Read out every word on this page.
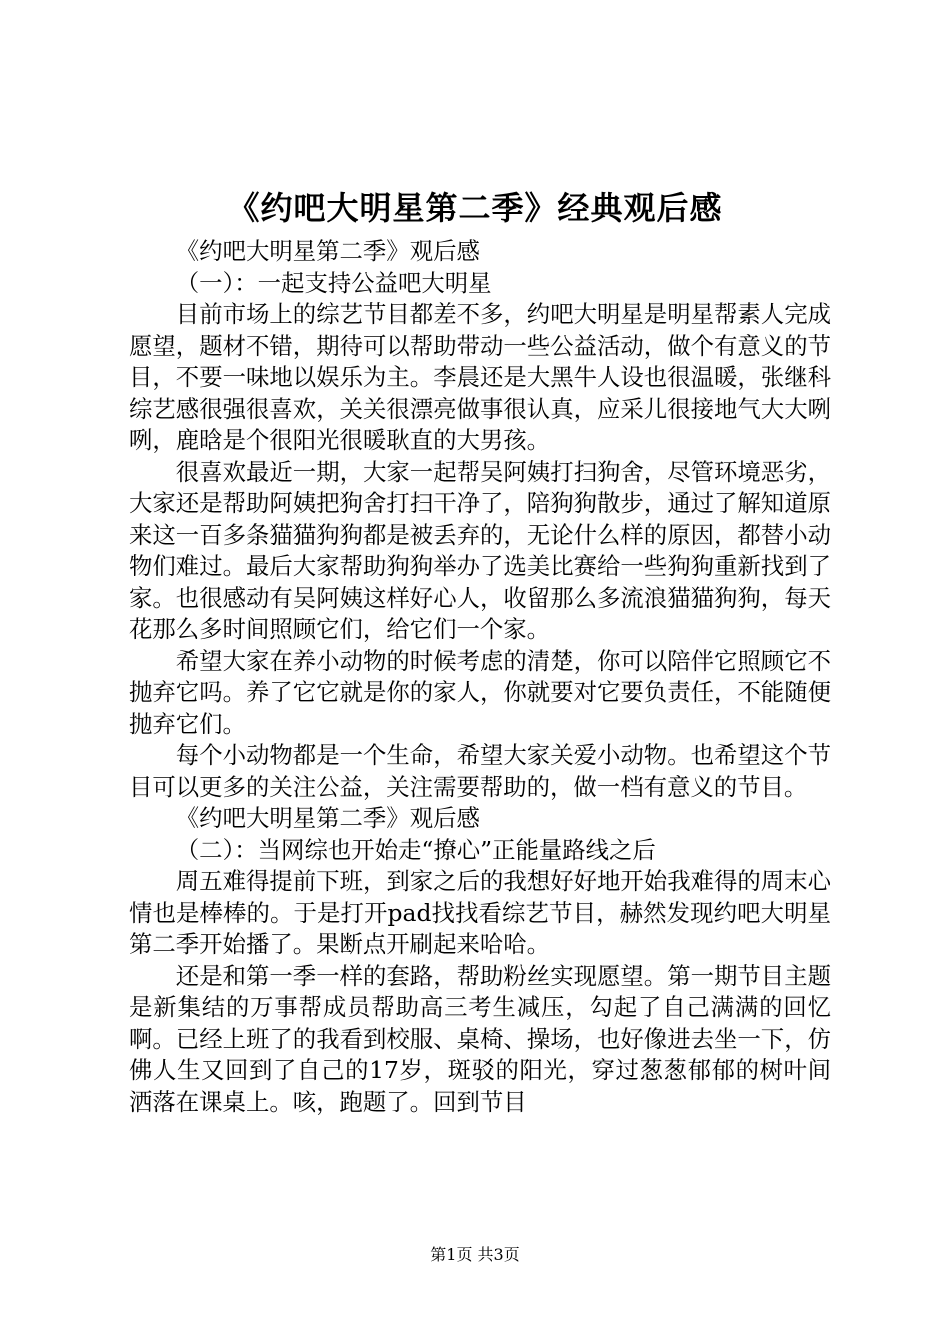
《约吧大明星第二季》经典观后感

《约吧大明星第二季》观后感

（一）：一起支持公益吧大明星

目前市场上的综艺节目都差不多，约吧大明星是明星帮素人完成愿望，题材不错，期待可以帮助带动一些公益活动，做个有意义的节目，不要一味地以娱乐为主。李晨还是大黑牛人设也很温暖，张继科综艺感很强很喜欢，关关很漂亮做事很认真，应采儿很接地气大大咧咧，鹿晗是个很阳光很暖耿直的大男孩。

很喜欢最近一期，大家一起帮吴阿姨打扫狗舍，尽管环境恶劣，大家还是帮助阿姨把狗舍打扫干净了，陪狗狗散步，通过了解知道原来这一百多条猫猫狗狗都是被丢弃的，无论什么样的原因，都替小动物们难过。最后大家帮助狗狗举办了选美比赛给一些狗狗重新找到了家。也很感动有吴阿姨这样好心人，收留那么多流浪猫猫狗狗，每天花那么多时间照顾它们，给它们一个家。

希望大家在养小动物的时候考虑的清楚，你可以陪伴它照顾它不抛弃它吗。养了它它就是你的家人，你就要对它要负责任，不能随便抛弃它们。

每个小动物都是一个生命，希望大家关爱小动物。也希望这个节目可以更多的关注公益，关注需要帮助的，做一档有意义的节目。

《约吧大明星第二季》观后感

（二）：当网综也开始走“撩心”正能量路线之后

周五难得提前下班，到家之后的我想好好地开始我难得的周末心情也是棒棒的。于是打开pad找找看综艺节目，赫然发现约吧大明星第二季开始播了。果断点开刷起来哈哈。

还是和第一季一样的套路，帮助粉丝实现愿望。第一期节目主题是新集结的万事帮成员帮助高三考生减压，勾起了自己满满的回忆啊。已经上班了的我看到校服、桌椅、操场，也好像进去坐一下，仿佛人生又回到了自己的17岁，斑驳的阳光，穿过葱葱郁郁的树叶间洒落在课桌上。咳，跑题了。回到节目

第1页 共3页
